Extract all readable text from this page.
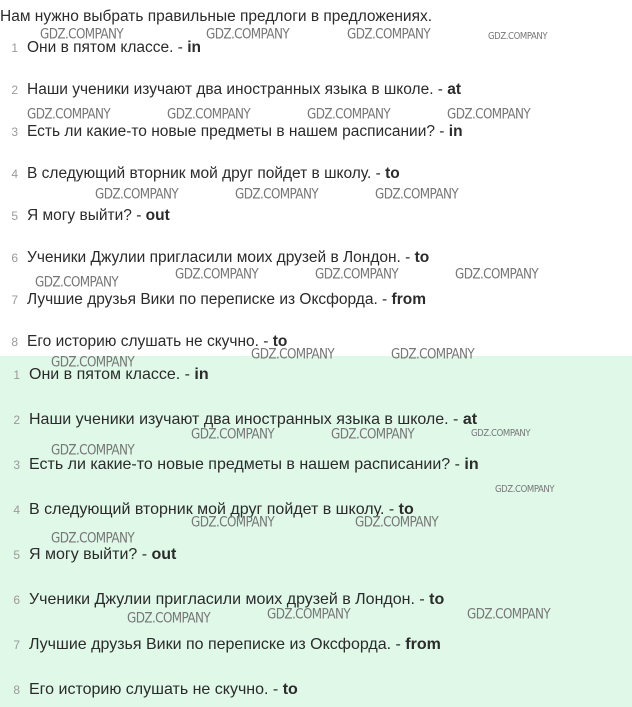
Нам нужно выбрать правильные предлоги в предложениях.
1 Они в пятом классе. - in
2 Наши ученики изучают два иностранных языка в школе. - at
3 Есть ли какие-то новые предметы в нашем расписании? - in
4 В следующий вторник мой друг пойдет в школу. - to
5 Я могу выйти? - out
6 Ученики Джулии пригласили моих друзей в Лондон. - to
7 Лучшие друзья Вики по переписке из Оксфорда. - from
8 Его историю слушать не скучно. - to
1 Они в пятом классе. - in
2 Наши ученики изучают два иностранных языка в школе. - at
3 Есть ли какие-то новые предметы в нашем расписании? - in
4 В следующий вторник мой друг пойдет в школу. - to
5 Я могу выйти? - out
6 Ученики Джулии пригласили моих друзей в Лондон. - to
7 Лучшие друзья Вики по переписке из Оксфорда. - from
8 Его историю слушать не скучно. - to
GDZ.COMPANY	GDZ.COMPANY	GDZ.COMPANY	GDZ.COMPANY
GDZ.COMPANY	GDZ.COMPANY	GDZ.COMPANY	GDZ.COMPANY
GDZ.COMPANY	GDZ.COMPANY	GDZ.COMPANY
GDZ.COMPANY	GDZ.COMPANY	GDZ.COMPANY
GDZ.COMPANY
GDZ.COMPANY	GDZ.COMPANY
GDZ.COMPANY
GDZ.COMPANY	GDZ.COMPANY	GDZ.COMPANY
GDZ.COMPANY
GDZ.COMPANY
GDZ.COMPANY	GDZ.COMPANY
GDZ.COMPANY
GDZ.COMPANY	GDZ.COMPANY
GDZ.COMPANY
